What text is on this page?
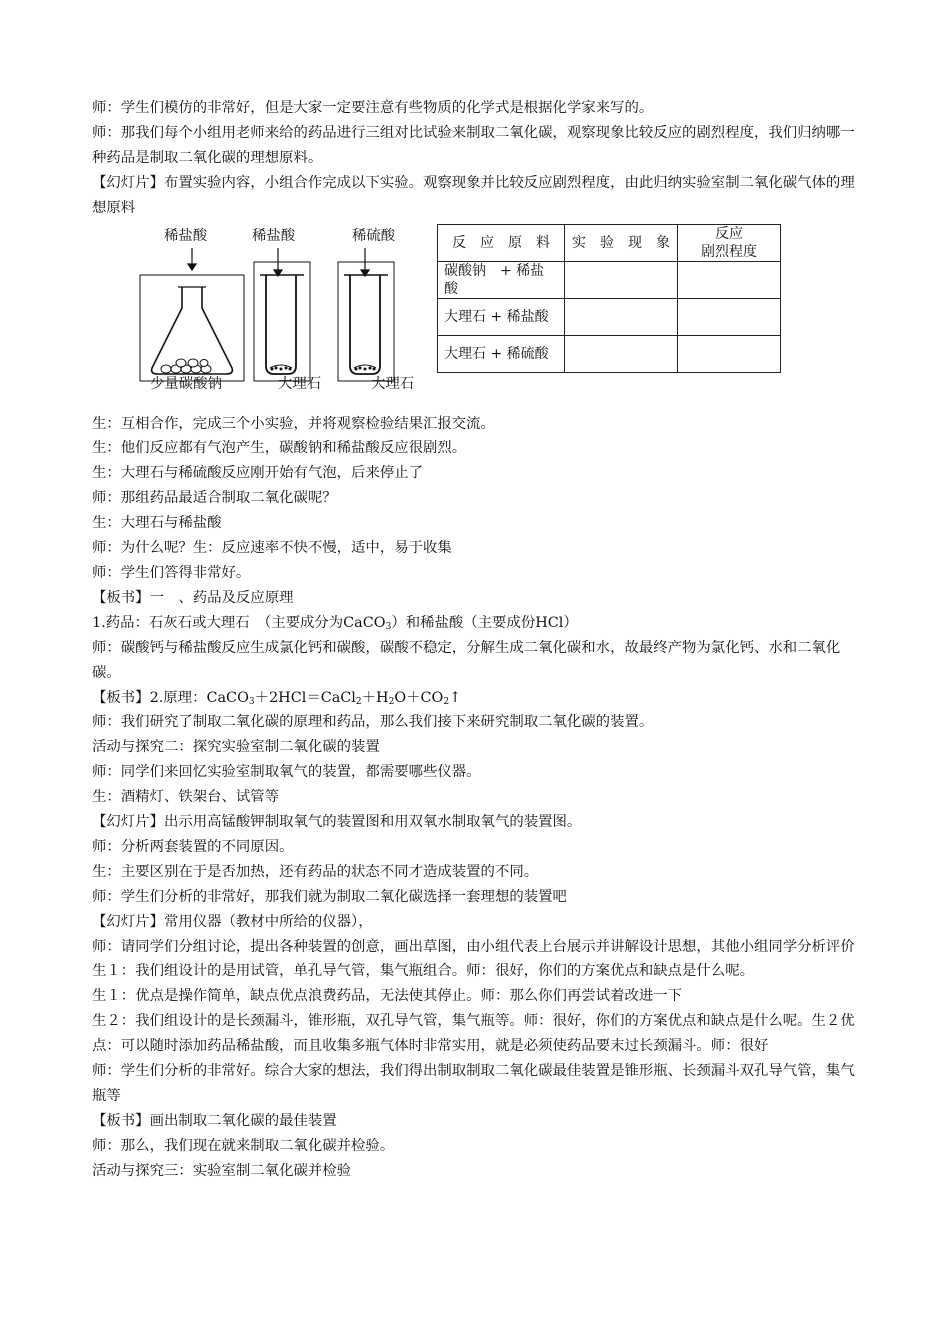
师：学生们模仿的非常好，但是大家一定要注意有些物质的化学式是根据化学家来写的。
师：那我们每个小组用老师来给的药品进行三组对比试验来制取二氧化碳，观察现象比较反应的剧烈程度，我们归纳哪一种药品是制取二氧化碳的理想原料。
【幻灯片】布置实验内容，小组合作完成以下实验。观察现象并比较反应剧烈程度，由此归纳实验室制二氧化碳气体的理想原料
稀盐酸	稀盐酸	稀硫酸
少量碳酸钠	大理石	大理石
反　应　原　料	实　验　现　象	反应
剧烈程度
碳酸钠　+ 稀盐酸		
大理石 + 稀盐酸		
大理石 + 稀硫酸		
生：互相合作，完成三个小实验，并将观察检验结果汇报交流。
生：他们反应都有气泡产生，碳酸钠和稀盐酸反应很剧烈。
生：大理石与稀硫酸反应刚开始有气泡，后来停止了
师：那组药品最适合制取二氧化碳呢？
生：大理石与稀盐酸
师：为什么呢？生：反应速率不快不慢，适中，易于收集
师：学生们答得非常好。
【板书】一　、药品及反应原理
1.药品：石灰石或大理石　（主要成分为CaCO$_3$）和稀盐酸（主要成份HCl）
师：碳酸钙与稀盐酸反应生成氯化钙和碳酸，碳酸不稳定，分解生成二氧化碳和水，故最终产物为氯化钙、水和二氧化碳。
【板书】2.原理：$CaCO_3+2HCl=CaCl_2+H_2O+CO_2↑$
师：我们研究了制取二氧化碳的原理和药品，那么我们接下来研究制取二氧化碳的装置。
活动与探究二：探究实验室制二氧化碳的装置
师：同学们来回忆实验室制取氧气的装置，都需要哪些仪器。
生：酒精灯、铁架台、试管等
【幻灯片】出示用高锰酸钾制取氧气的装置图和用双氧水制取氧气的装置图。
师：分析两套装置的不同原因。
生：主要区别在于是否加热，还有药品的状态不同才造成装置的不同。
师：学生们分析的非常好，那我们就为制取二氧化碳选择一套理想的装置吧
【幻灯片】常用仪器（教材中所给的仪器），
师：请同学们分组讨论，提出各种装置的创意，画出草图，由小组代表上台展示并讲解设计思想，其他小组同学分析评价
生１：我们组设计的是用试管，单孔导气管，集气瓶组合。师：很好，你们的方案优点和缺点是什么呢。
生１：优点是操作简单，缺点优点浪费药品，无法使其停止。师：那么你们再尝试着改进一下
生２：我们组设计的是长颈漏斗，锥形瓶，双孔导气管，集气瓶等。师：很好，你们的方案优点和缺点是什么呢。生２优点：可以随时添加药品稀盐酸，而且收集多瓶气体时非常实用，就是必须使药品要末过长颈漏斗。师：很好
师：学生们分析的非常好。综合大家的想法，我们得出制取制取二氧化碳最佳装置是锥形瓶、长颈漏斗双孔导气管，集气瓶等
【板书】画出制取二氧化碳的最佳装置
师：那么，我们现在就来制取二氧化碳并检验。
活动与探究三：实验室制二氧化碳并检验
